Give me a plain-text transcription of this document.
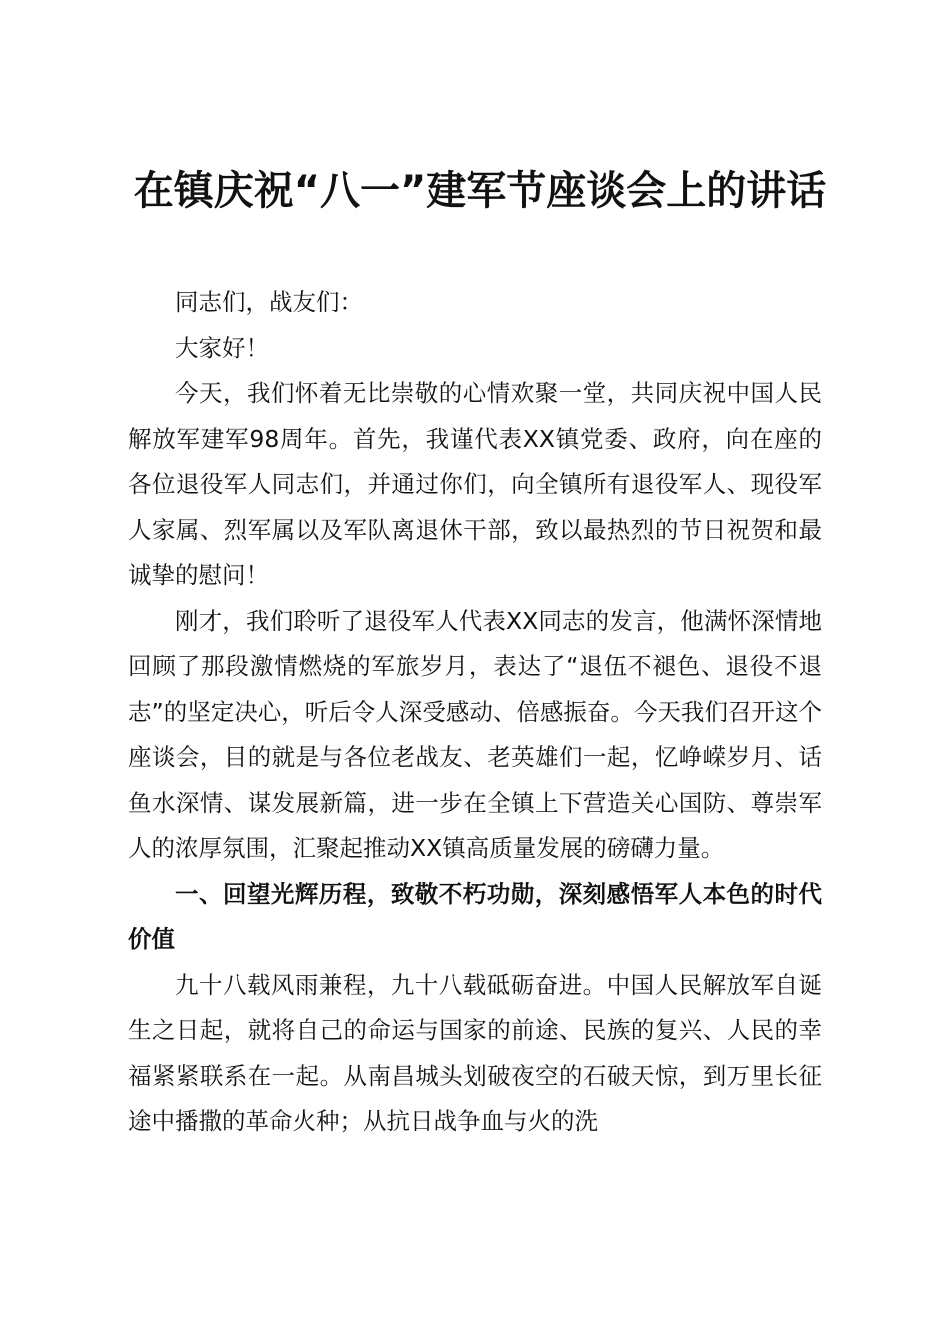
在镇庆祝“八一”建军节座谈会上的讲话

同志们，战友们：

大家好！

今天，我们怀着无比崇敬的心情欢聚一堂，共同庆祝中国人民解放军建军98周年。首先，我谨代表XX镇党委、政府，向在座的各位退役军人同志们，并通过你们，向全镇所有退役军人、现役军人家属、烈军属以及军队离退休干部，致以最热烈的节日祝贺和最诚挚的慰问！

刚才，我们聆听了退役军人代表XX同志的发言，他满怀深情地回顾了那段激情燃烧的军旅岁月，表达了“退伍不褪色、退役不退志”的坚定决心，听后令人深受感动、倍感振奋。今天我们召开这个座谈会，目的就是与各位老战友、老英雄们一起，忆峥嵘岁月、话鱼水深情、谋发展新篇，进一步在全镇上下营造关心国防、尊崇军人的浓厚氛围，汇聚起推动XX镇高质量发展的磅礴力量。

一、回望光辉历程，致敬不朽功勋，深刻感悟军人本色的时代价值

九十八载风雨兼程，九十八载砥砺奋进。中国人民解放军自诞生之日起，就将自己的命运与国家的前途、民族的复兴、人民的幸福紧紧联系在一起。从南昌城头划破夜空的石破天惊，到万里长征途中播撒的革命火种；从抗日战争血与火的洗
